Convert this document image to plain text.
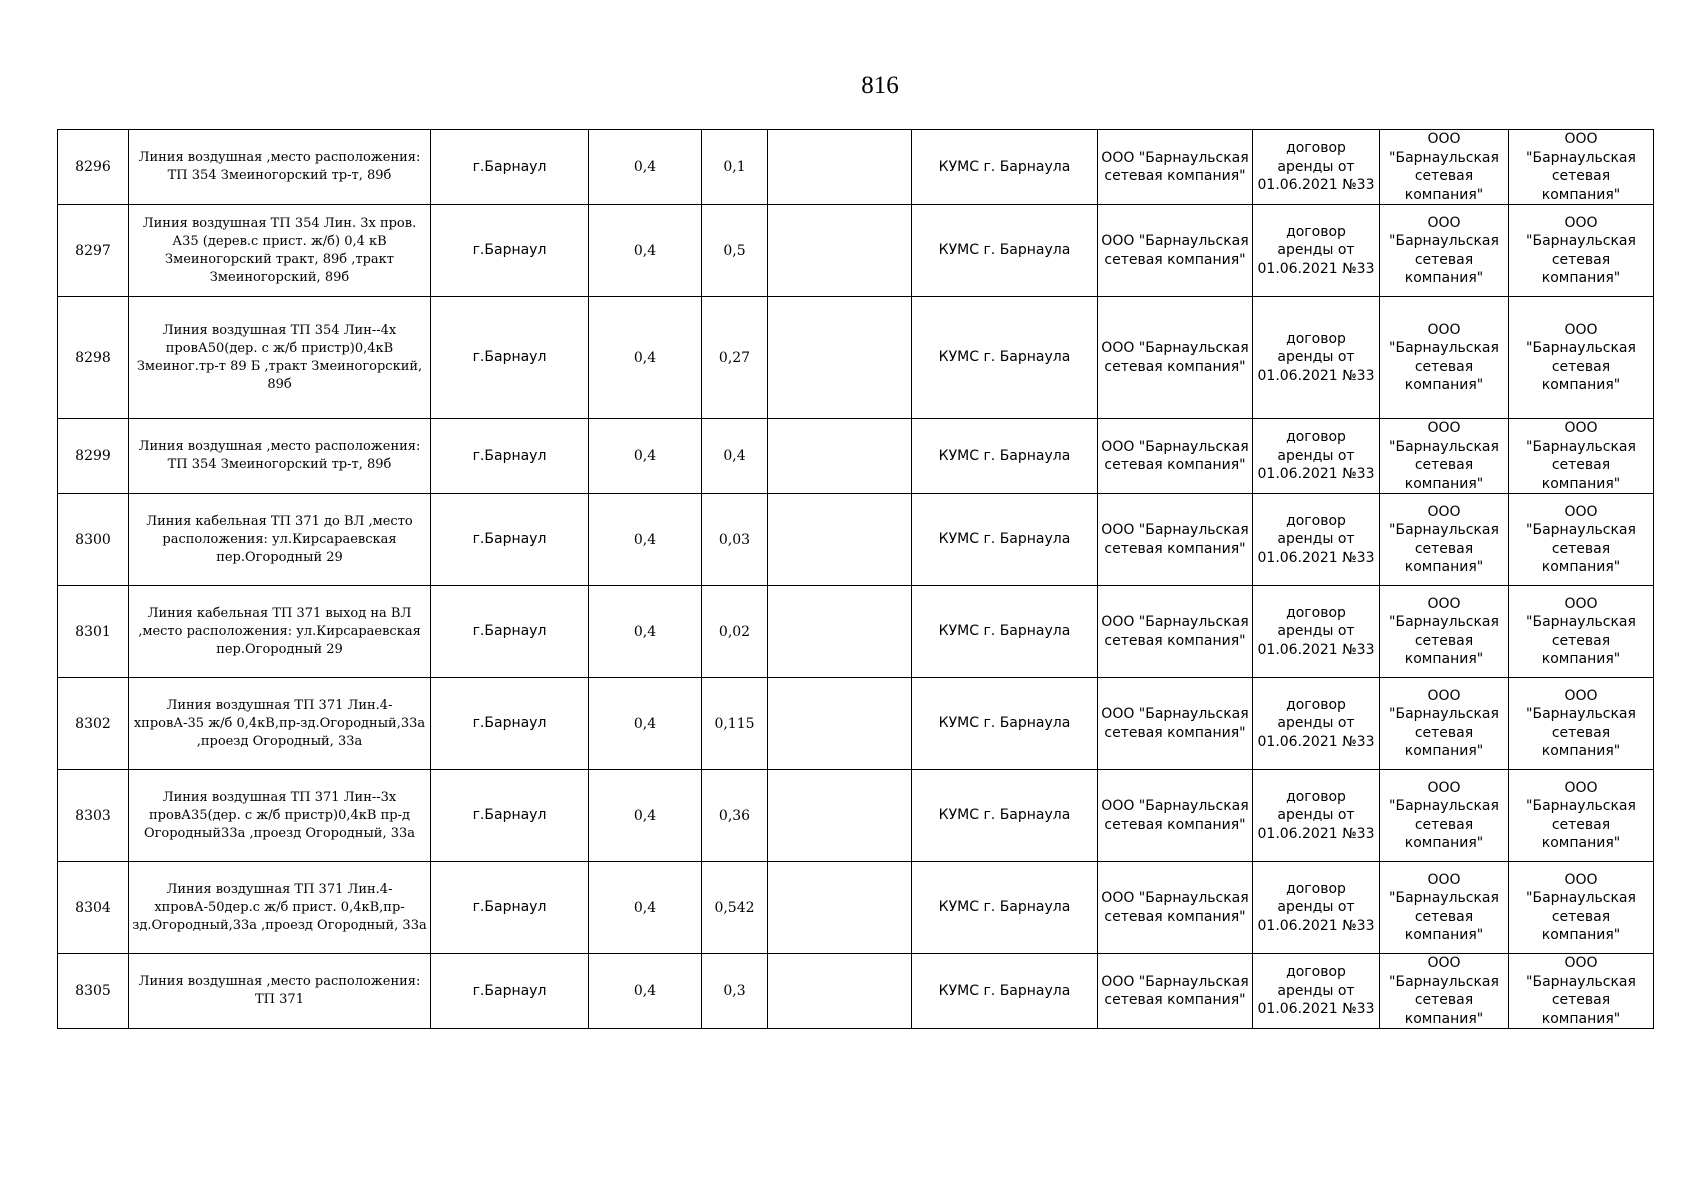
816
8296	Линия воздушная ,место расположения: ТП 354 Змеиногорский тр-т, 89б	г.Барнаул	0,4	0,1		КУМС г. Барнаула	ООО "Барнаульская сетевая компания"	договор аренды от 01.06.2021 №33	ООО "Барнаульская сетевая компания"	ООО "Барнаульская сетевая компания"
8297	Линия воздушная ТП 354 Лин. 3х пров. А35 (дерев.с прист. ж/б) 0,4 кВ Змеиногорский тракт, 89б ,тракт Змеиногорский, 89б	г.Барнаул	0,4	0,5		КУМС г. Барнаула	ООО "Барнаульская сетевая компания"	договор аренды от 01.06.2021 №33	ООО "Барнаульская сетевая компания"	ООО "Барнаульская сетевая компания"
8298	Линия воздушная ТП 354 Лин--4х провА50(дер. с ж/б пристр)0,4кВ Змеиног.тр-т 89 Б ,тракт Змеиногорский, 89б	г.Барнаул	0,4	0,27		КУМС г. Барнаула	ООО "Барнаульская сетевая компания"	договор аренды от 01.06.2021 №33	ООО "Барнаульская сетевая компания"	ООО "Барнаульская сетевая компания"
8299	Линия воздушная ,место расположения: ТП 354 Змеиногорский тр-т, 89б	г.Барнаул	0,4	0,4		КУМС г. Барнаула	ООО "Барнаульская сетевая компания"	договор аренды от 01.06.2021 №33	ООО "Барнаульская сетевая компания"	ООО "Барнаульская сетевая компания"
8300	Линия кабельная ТП 371 до ВЛ ,место расположения: ул.Кирсараевская пер.Огородный 29	г.Барнаул	0,4	0,03		КУМС г. Барнаула	ООО "Барнаульская сетевая компания"	договор аренды от 01.06.2021 №33	ООО "Барнаульская сетевая компания"	ООО "Барнаульская сетевая компания"
8301	Линия кабельная ТП 371 выход на ВЛ ,место расположения: ул.Кирсараевская пер.Огородный 29	г.Барнаул	0,4	0,02		КУМС г. Барнаула	ООО "Барнаульская сетевая компания"	договор аренды от 01.06.2021 №33	ООО "Барнаульская сетевая компания"	ООО "Барнаульская сетевая компания"
8302	Линия воздушная ТП 371 Лин.4-хпровА-35 ж/б 0,4кВ,пр-зд.Огородный,33а ,проезд Огородный, 33а	г.Барнаул	0,4	0,115		КУМС г. Барнаула	ООО "Барнаульская сетевая компания"	договор аренды от 01.06.2021 №33	ООО "Барнаульская сетевая компания"	ООО "Барнаульская сетевая компания"
8303	Линия воздушная ТП 371 Лин--3х провА35(дер. с ж/б пристр)0,4кВ пр-д Огородный33а ,проезд Огородный, 33а	г.Барнаул	0,4	0,36		КУМС г. Барнаула	ООО "Барнаульская сетевая компания"	договор аренды от 01.06.2021 №33	ООО "Барнаульская сетевая компания"	ООО "Барнаульская сетевая компания"
8304	Линия воздушная ТП 371 Лин.4-хпровА-50дер.с ж/б прист. 0,4кВ,пр-зд.Огородный,33а ,проезд Огородный, 33а	г.Барнаул	0,4	0,542		КУМС г. Барнаула	ООО "Барнаульская сетевая компания"	договор аренды от 01.06.2021 №33	ООО "Барнаульская сетевая компания"	ООО "Барнаульская сетевая компания"
8305	Линия воздушная ,место расположения: ТП 371	г.Барнаул	0,4	0,3		КУМС г. Барнаула	ООО "Барнаульская сетевая компания"	договор аренды от 01.06.2021 №33	ООО "Барнаульская сетевая компания"	ООО "Барнаульская сетевая компания"
